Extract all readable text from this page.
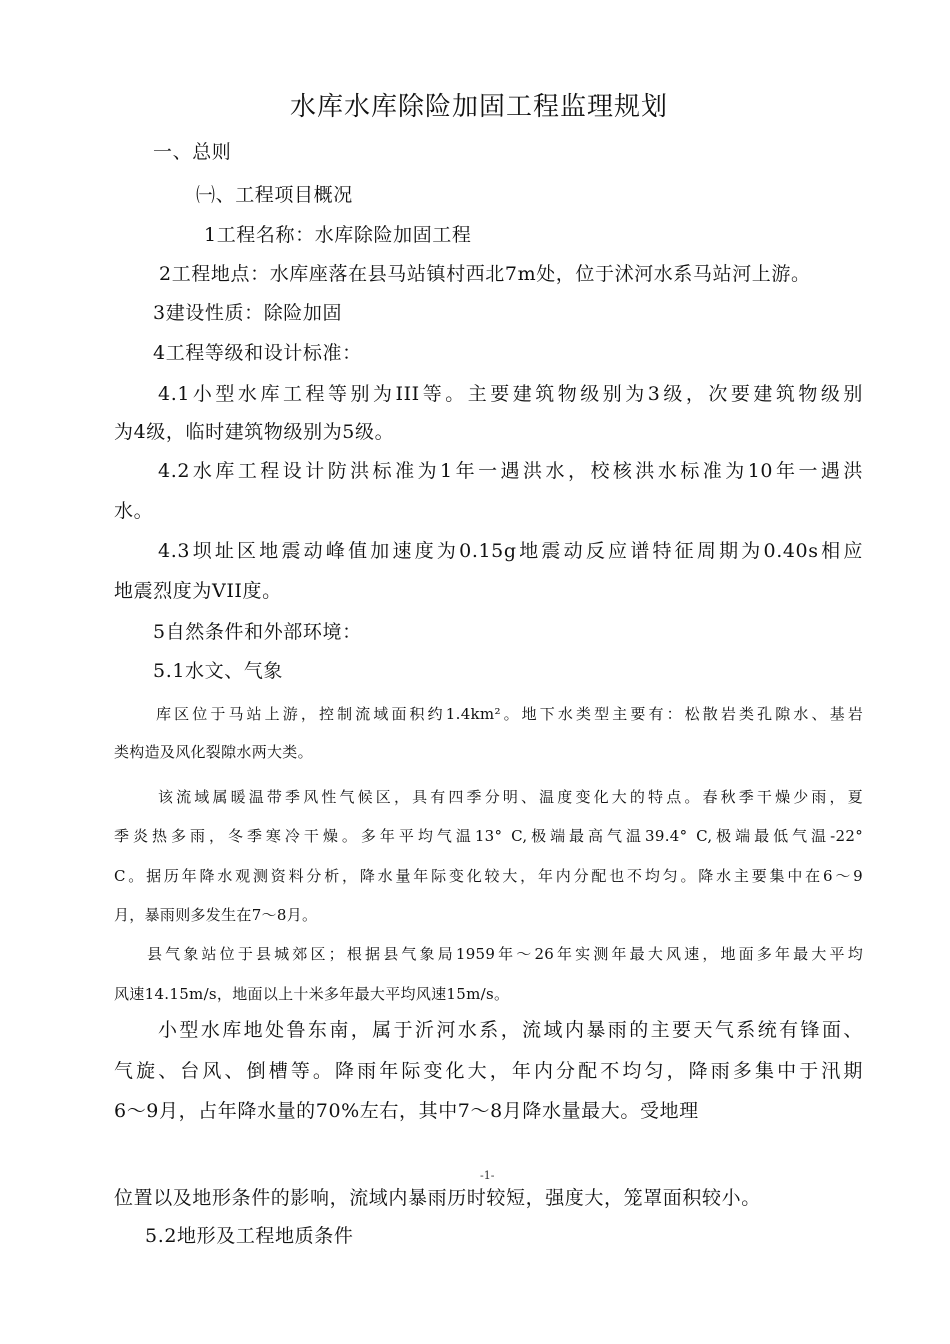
水库水库除险加固工程监理规划
一、总则
㈠、工程项目概况
1工程名称：水库除险加固工程
2工程地点：水库座落在县马站镇村西北7m处，位于沭河水系马站河上游。
3建设性质：除险加固
4工程等级和设计标准：
4.1小型水库工程等别为III等。主要建筑物级别为3级，次要建筑物级别
为4级，临时建筑物级别为5级。
4.2水库工程设计防洪标准为1年一遇洪水，校核洪水标准为10年一遇洪
水。
4.3坝址区地震动峰值加速度为0.15g地震动反应谱特征周期为0.40s相应
地震烈度为VII度。
5自然条件和外部环境：
5.1水文、气象
库区位于马站上游，控制流域面积约1.4km²。地下水类型主要有：松散岩类孔隙水、基岩
类构造及风化裂隙水两大类。
该流域属暖温带季风性气候区，具有四季分明、温度变化大的特点。春秋季干燥少雨，夏
季炎热多雨，冬季寒冷干燥。多年平均气温13° C,极端最高气温39.4° C,极端最低气温-22°
C。据历年降水观测资料分析，降水量年际变化较大，年内分配也不均匀。降水主要集中在6〜9
月，暴雨则多发生在7〜8月。
县气象站位于县城郊区；根据县气象局1959年〜26年实测年最大风速，地面多年最大平均
风速14.15m/s，地面以上十米多年最大平均风速15m/s。
小型水库地处鲁东南，属于沂河水系，流域内暴雨的主要天气系统有锋面、
气旋、台风、倒槽等。降雨年际变化大，年内分配不均匀，降雨多集中于汛期
6〜9月，占年降水量的70%左右，其中7〜8月降水量最大。受地理
-1-
位置以及地形条件的影响，流域内暴雨历时较短，强度大，笼罩面积较小。
5.2地形及工程地质条件
